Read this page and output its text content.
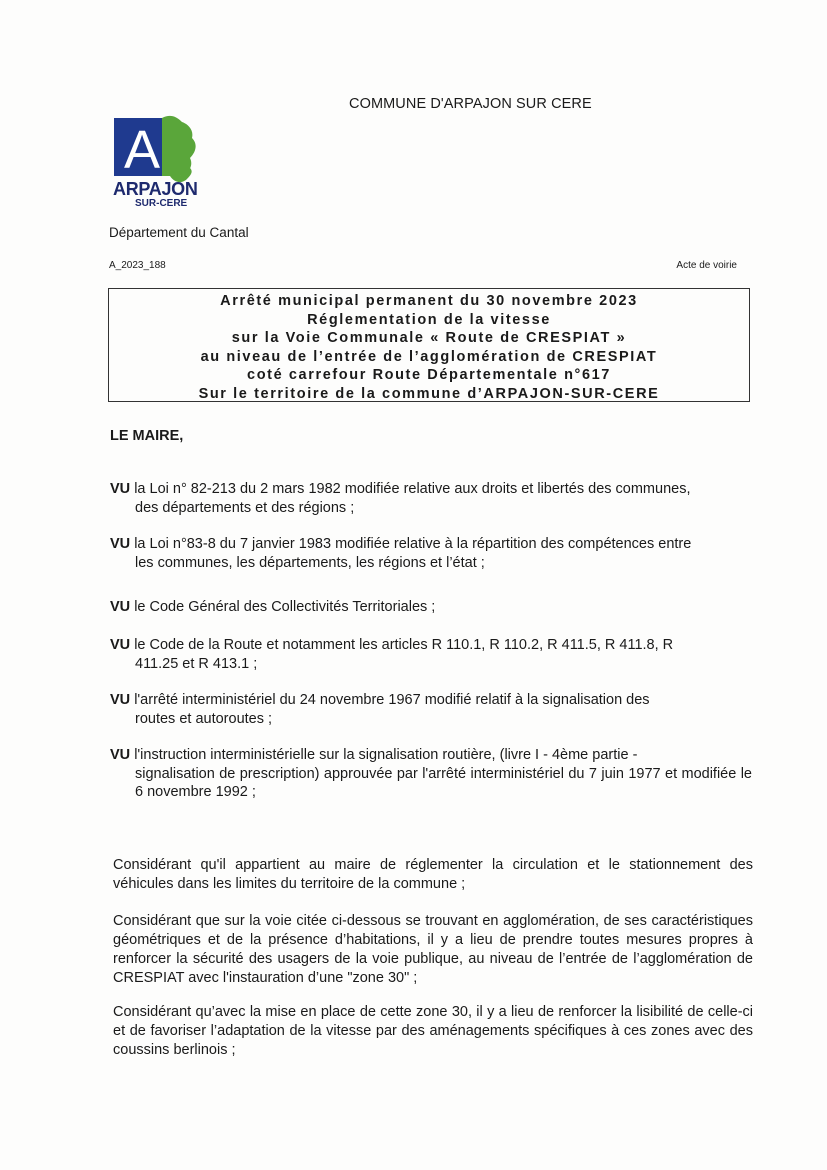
COMMUNE D'ARPAJON SUR CERE
A
ARPAJON
SUR-CERE
Département du Cantal
A_2023_188	Acte de voirie
Arrêté municipal permanent du 30 novembre 2023
Réglementation de la vitesse
sur la Voie Communale « Route de CRESPIAT »
au niveau de l’entrée de l’agglomération de CRESPIAT
coté carrefour Route Départementale n°617
Sur le territoire de la commune d’ARPAJON-SUR-CERE
LE MAIRE,
VU la Loi n° 82-213 du 2 mars 1982 modifiée relative aux droits et libertés des communes,
des départements et des régions ;
VU la Loi n°83-8 du 7 janvier 1983 modifiée relative à la répartition des compétences entre
les communes, les départements, les régions et l’état ;
VU le Code Général des Collectivités Territoriales ;
VU le Code de la Route et notamment les articles R 110.1, R 110.2, R 411.5, R 411.8, R
411.25 et R 413.1 ;
VU l'arrêté interministériel du 24 novembre 1967 modifié relatif à la signalisation des
routes et autoroutes ;
VU l'instruction interministérielle sur la signalisation routière, (livre I - 4ème partie -
signalisation de prescription) approuvée par l'arrêté interministériel du 7 juin 1977 et modifiée le 6 novembre 1992 ;
Considérant qu'il appartient au maire de réglementer la circulation et le stationnement des véhicules dans les limites du territoire de la commune ;
Considérant que sur la voie citée ci-dessous se trouvant en agglomération, de ses caractéristiques géométriques et de la présence d’habitations, il y a lieu de prendre toutes mesures propres à renforcer la sécurité des usagers de la voie publique, au niveau de l’entrée de l’agglomération de CRESPIAT avec l'instauration d’une "zone 30" ;
Considérant qu’avec la mise en place de cette zone 30, il y a lieu de renforcer la lisibilité de celle-ci et de favoriser l’adaptation de la vitesse par des aménagements spécifiques à ces zones avec des coussins berlinois ;
